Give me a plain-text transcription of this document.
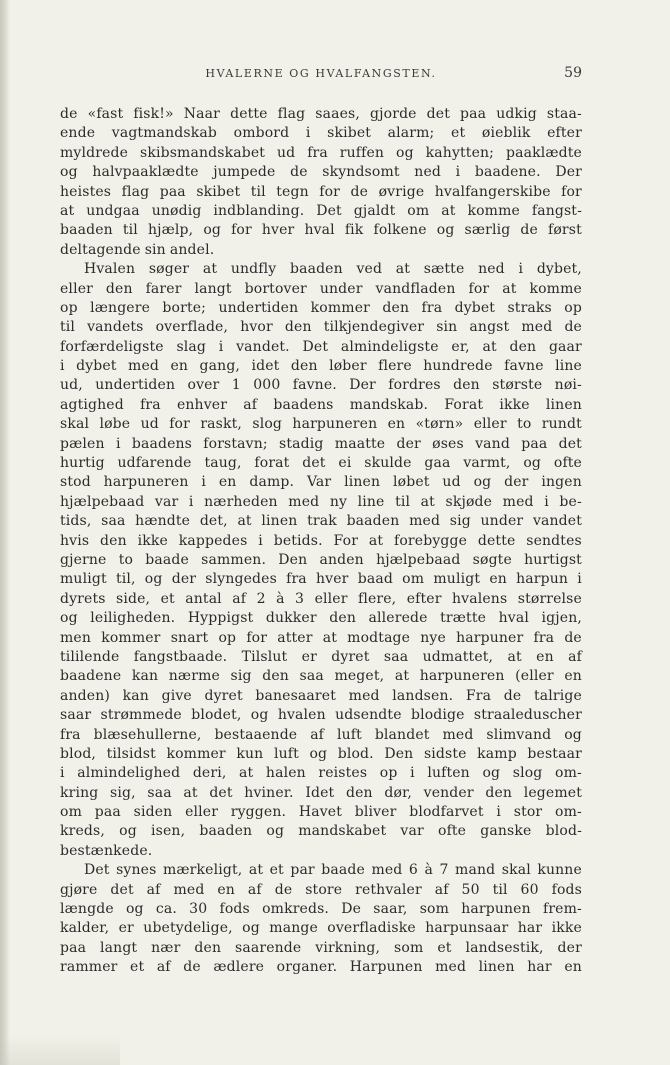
HVALERNE OG HVALFANGSTEN.	59
de «fast fisk!» Naar dette flag saaes, gjorde det paa udkig staa-
ende vagtmandskab ombord i skibet alarm; et øieblik efter
myldrede skibsmandskabet ud fra ruffen og kahytten; paaklædte
og halvpaaklædte jumpede de skyndsomt ned i baadene. Der
heistes flag paa skibet til tegn for de øvrige hvalfangerskibe for
at undgaa unødig indblanding. Det gjaldt om at komme fangst-
baaden til hjælp, og for hver hval fik folkene og særlig de først
deltagende sin andel.
Hvalen søger at undfly baaden ved at sætte ned i dybet,
eller den farer langt bortover under vandfladen for at komme
op længere borte; undertiden kommer den fra dybet straks op
til vandets overflade, hvor den tilkjendegiver sin angst med de
forfærdeligste slag i vandet. Det almindeligste er, at den gaar
i dybet med en gang, idet den løber flere hundrede favne line
ud, undertiden over 1 000 favne. Der fordres den største nøi-
agtighed fra enhver af baadens mandskab. Forat ikke linen
skal løbe ud for raskt, slog harpuneren en «tørn» eller to rundt
pælen i baadens forstavn; stadig maatte der øses vand paa det
hurtig udfarende taug, forat det ei skulde gaa varmt, og ofte
stod harpuneren i en damp. Var linen løbet ud og der ingen
hjælpebaad var i nærheden med ny line til at skjøde med i be-
tids, saa hændte det, at linen trak baaden med sig under vandet
hvis den ikke kappedes i betids. For at forebygge dette sendtes
gjerne to baade sammen. Den anden hjælpebaad søgte hurtigst
muligt til, og der slyngedes fra hver baad om muligt en harpun i
dyrets side, et antal af 2 à 3 eller flere, efter hvalens størrelse
og leiligheden. Hyppigst dukker den allerede trætte hval igjen,
men kommer snart op for atter at modtage nye harpuner fra de
tililende fangstbaade. Tilslut er dyret saa udmattet, at en af
baadene kan nærme sig den saa meget, at harpuneren (eller en
anden) kan give dyret banesaaret med landsen. Fra de talrige
saar strømmede blodet, og hvalen udsendte blodige straaleduscher
fra blæsehullerne, bestaaende af luft blandet med slimvand og
blod, tilsidst kommer kun luft og blod. Den sidste kamp bestaar
i almindelighed deri, at halen reistes op i luften og slog om-
kring sig, saa at det hviner. Idet den dør, vender den legemet
om paa siden eller ryggen. Havet bliver blodfarvet i stor om-
kreds, og isen, baaden og mandskabet var ofte ganske blod-
bestænkede.
Det synes mærkeligt, at et par baade med 6 à 7 mand skal kunne
gjøre det af med en af de store rethvaler af 50 til 60 fods
længde og ca. 30 fods omkreds. De saar, som harpunen frem-
kalder, er ubetydelige, og mange overfladiske harpunsaar har ikke
paa langt nær den saarende virkning, som et landsestik, der
rammer et af de ædlere organer. Harpunen med linen har en
